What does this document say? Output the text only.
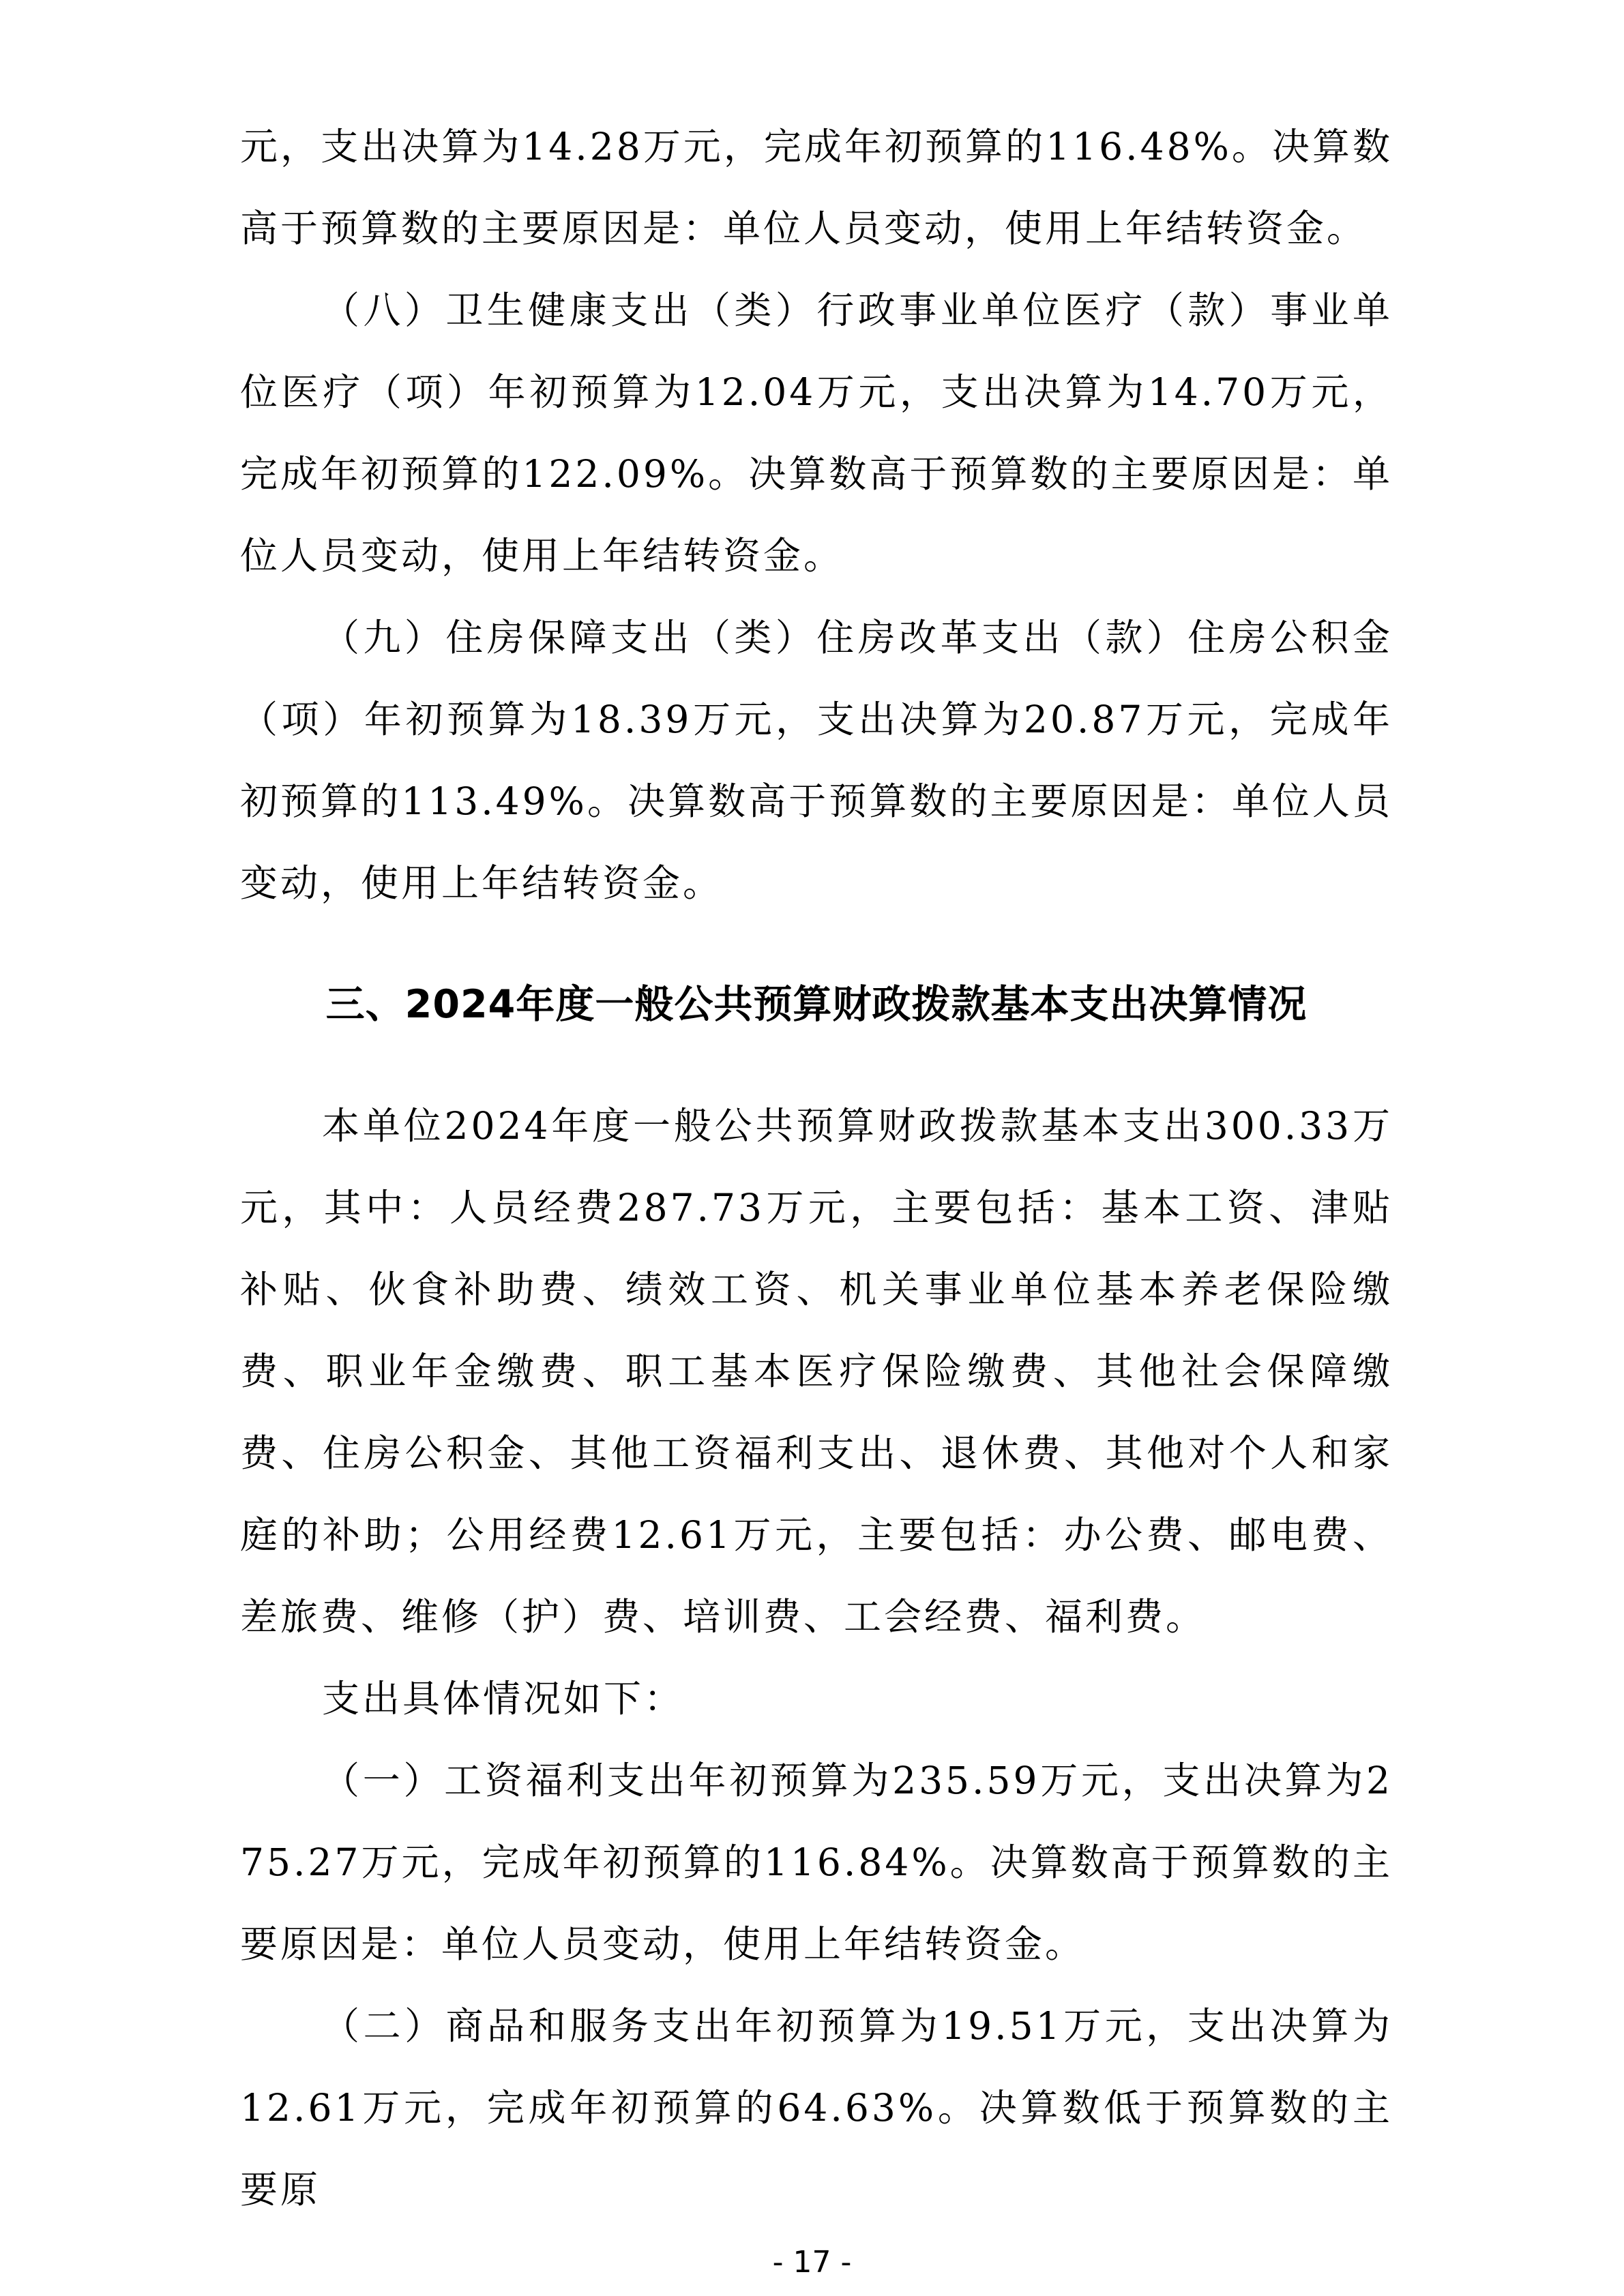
元，支出决算为14.28万元，完成年初预算的116.48%。决算数高于预算数的主要原因是：单位人员变动，使用上年结转资金。

（八）卫生健康支出（类）行政事业单位医疗（款）事业单位医疗（项）年初预算为12.04万元，支出决算为14.70万元，完成年初预算的122.09%。决算数高于预算数的主要原因是：单位人员变动，使用上年结转资金。

（九）住房保障支出（类）住房改革支出（款）住房公积金（项）年初预算为18.39万元，支出决算为20.87万元，完成年初预算的113.49%。决算数高于预算数的主要原因是：单位人员变动，使用上年结转资金。

三、2024年度一般公共预算财政拨款基本支出决算情况

本单位2024年度一般公共预算财政拨款基本支出300.33万元，其中：人员经费287.73万元，主要包括：基本工资、津贴补贴、伙食补助费、绩效工资、机关事业单位基本养老保险缴费、职业年金缴费、职工基本医疗保险缴费、其他社会保障缴费、住房公积金、其他工资福利支出、退休费、其他对个人和家庭的补助；公用经费12.61万元，主要包括：办公费、邮电费、差旅费、维修（护）费、培训费、工会经费、福利费。

支出具体情况如下：

（一）工资福利支出年初预算为235.59万元，支出决算为275.27万元，完成年初预算的116.84%。决算数高于预算数的主要原因是：单位人员变动，使用上年结转资金。

（二）商品和服务支出年初预算为19.51万元，支出决算为12.61万元，完成年初预算的64.63%。决算数低于预算数的主要原

- 17 -
